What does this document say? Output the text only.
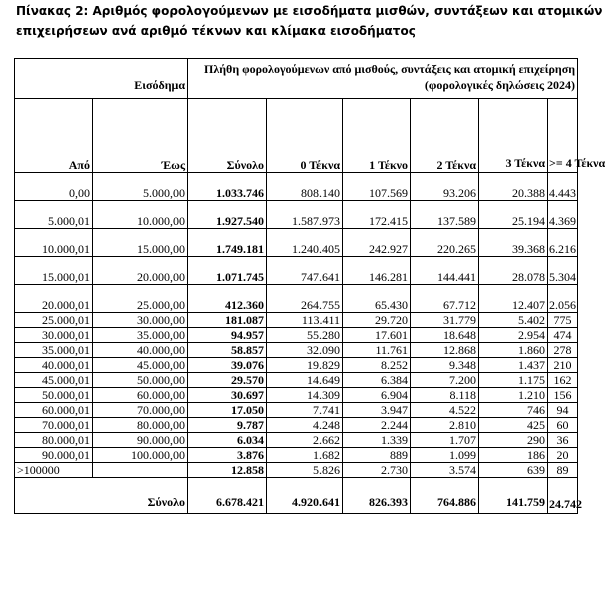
Πίνακας 2: Αριθμός φορολογούμενων με εισοδήματα μισθών, συντάξεων και ατομικών
επιχειρήσεων ανά αριθμό τέκνων και κλίμακα εισοδήματος
Εισόδημα		Πλήθη φορολογούμενων από μισθούς, συντάξεις και ατομική επιχείρηση (φορολογικές δηλώσεις 2024)					
Από	Έως	Σύνολο	0 Τέκνα	1 Τέκνο	2 Τέκνα	3 Τέκνα	>= 4 Τέκνα
0,00	5.000,00	1.033.746	808.140	107.569	93.206	20.388	4.443
5.000,01	10.000,00	1.927.540	1.587.973	172.415	137.589	25.194	4.369
10.000,01	15.000,00	1.749.181	1.240.405	242.927	220.265	39.368	6.216
15.000,01	20.000,00	1.071.745	747.641	146.281	144.441	28.078	5.304
20.000,01	25.000,00	412.360	264.755	65.430	67.712	12.407	2.056
25.000,01	30.000,00	181.087	113.411	29.720	31.779	5.402	775
30.000,01	35.000,00	94.957	55.280	17.601	18.648	2.954	474
35.000,01	40.000,00	58.857	32.090	11.761	12.868	1.860	278
40.000,01	45.000,00	39.076	19.829	8.252	9.348	1.437	210
45.000,01	50.000,00	29.570	14.649	6.384	7.200	1.175	162
50.000,01	60.000,00	30.697	14.309	6.904	8.118	1.210	156
60.000,01	70.000,00	17.050	7.741	3.947	4.522	746	94
70.000,01	80.000,00	9.787	4.248	2.244	2.810	425	60
80.000,01	90.000,00	6.034	2.662	1.339	1.707	290	36
90.000,01	100.000,00	3.876	1.682	889	1.099	186	20
>100000		12.858	5.826	2.730	3.574	639	89
Σύνολο		6.678.421	4.920.641	826.393	764.886	141.759	24.742
